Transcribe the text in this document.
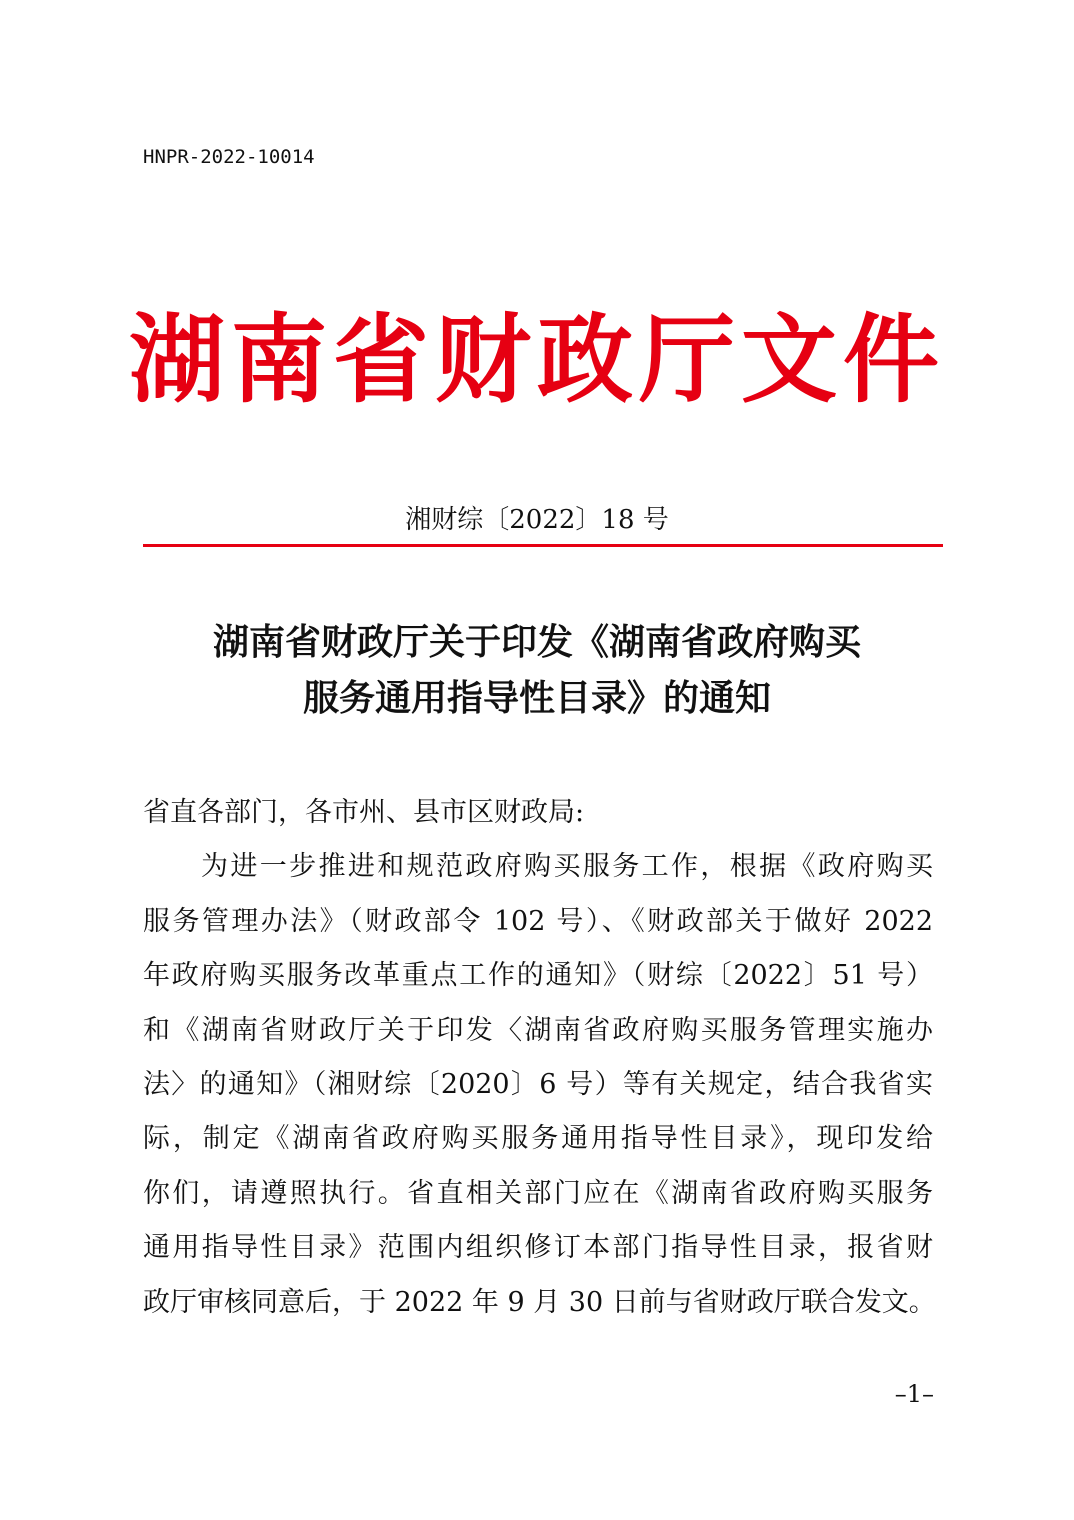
HNPR-2022-10014
湖南省财政厅文件
湘财综〔2022〕18 号
湖南省财政厅关于印发《湖南省政府购买
服务通用指导性目录》的通知
省直各部门，各市州、县市区财政局:
为进一步推进和规范政府购买服务工作，根据《政府购买
服务管理办法》（财政部令 102 号）、《财政部关于做好 2022
年政府购买服务改革重点工作的通知》（财综〔2022〕51 号）
和《湖南省财政厅关于印发〈湖南省政府购买服务管理实施办
法〉的通知》（湘财综〔2020〕6 号）等有关规定，结合我省实
际，制定《湖南省政府购买服务通用指导性目录》，现印发给
你们，请遵照执行。省直相关部门应在《湖南省政府购买服务
通用指导性目录》范围内组织修订本部门指导性目录，报省财
政厅审核同意后，于 2022 年 9 月 30 日前与省财政厅联合发文。
–1–
